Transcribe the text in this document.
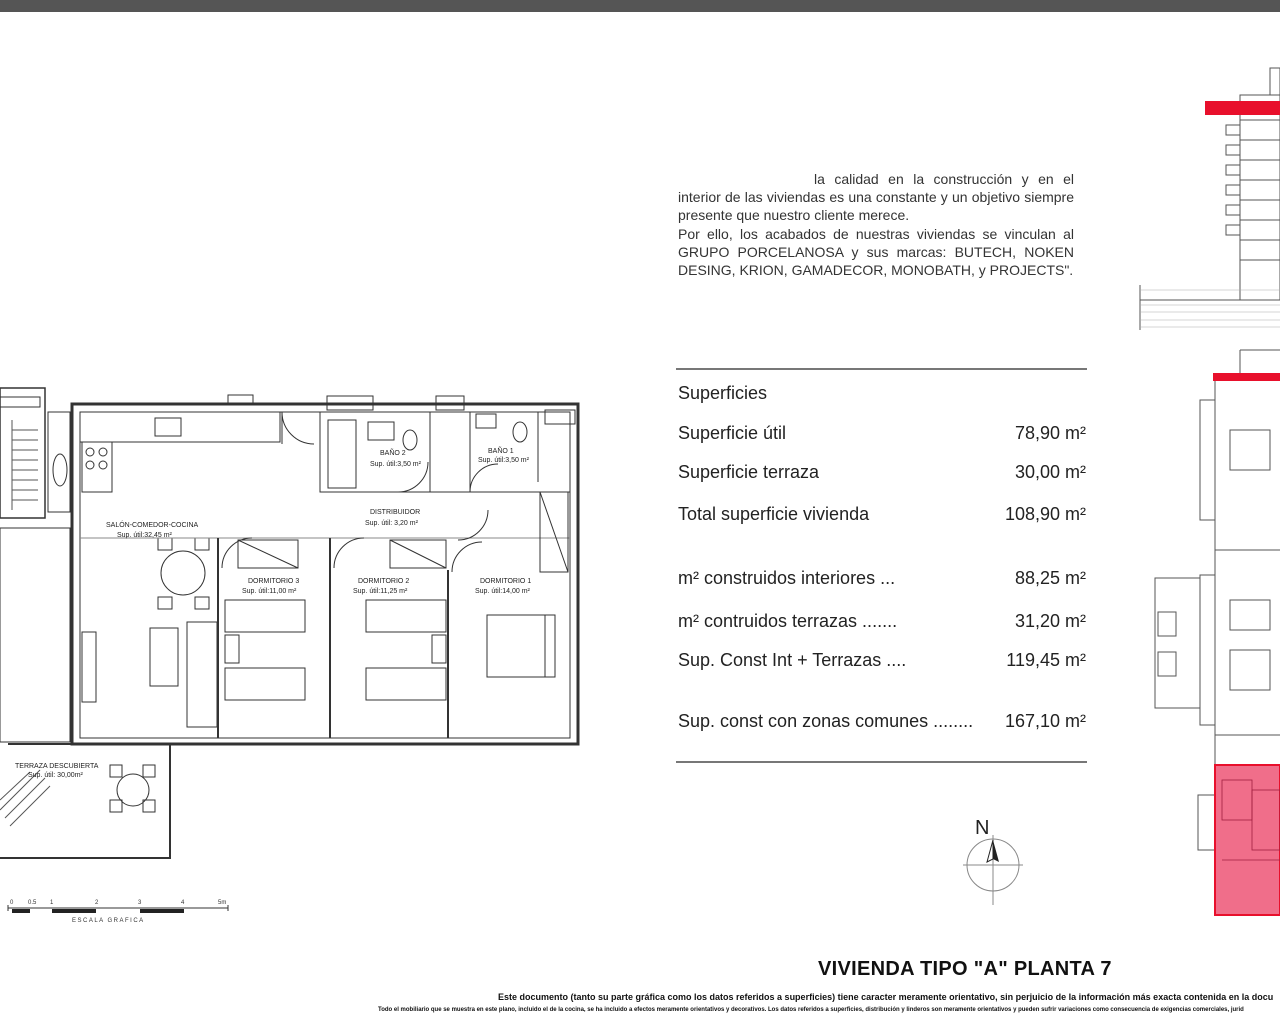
la calidad en la construcción y en el interior de las viviendas es una constante y un objetivo siempre presente que nuestro cliente merece.

Por ello, los acabados de nuestras viviendas se vinculan al GRUPO PORCELANOSA y sus marcas: BUTECH, NOKEN DESING, KRION, GAMADECOR, MONOBATH, y PROJECTS".

Superficies
Superficie útil	78,90 m²
Superficie terraza	30,00 m²
Total superficie vivienda	108,90 m²
m² construidos interiores ...	88,25 m²
m² contruidos terrazas .......	31,20 m²
Sup. Const Int + Terrazas ....	119,45 m²
Sup. const con zonas comunes ........ 167,10 m²
BAÑO 2
Sup. útil:3,50 m²
BAÑO 1
Sup. útil:3,50 m²
DISTRIBUIDOR
Sup. útil: 3,20 m²
SALÓN-COMEDOR-COCINA
Sup. útil:32,45 m²
DORMITORIO 3
Sup. útil:11,00 m²
DORMITORIO 2
Sup. útil:11,25 m²
DORMITORIO 1
Sup. útil:14,00 m²
TERRAZA DESCUBIERTA
Sup. útil: 30,00m²
0 0.5 1	2	3	4	5m
ESCALA GRAFICA
N
VIVIENDA TIPO "A" PLANTA 7
Este documento (tanto su parte gráfica como los datos referidos a superficies) tiene caracter meramente orientativo, sin perjuicio de la información más exacta contenida en la docu
Todo el mobiliario que se muestra en este plano, incluido el de la cocina, se ha incluido a efectos meramente orientativos y decorativos. Los datos referidos a superficies, distribución y linderos son meramente orientativos y pueden sufrir variaciones como consecuencia de exigencias comerciales, jurid
